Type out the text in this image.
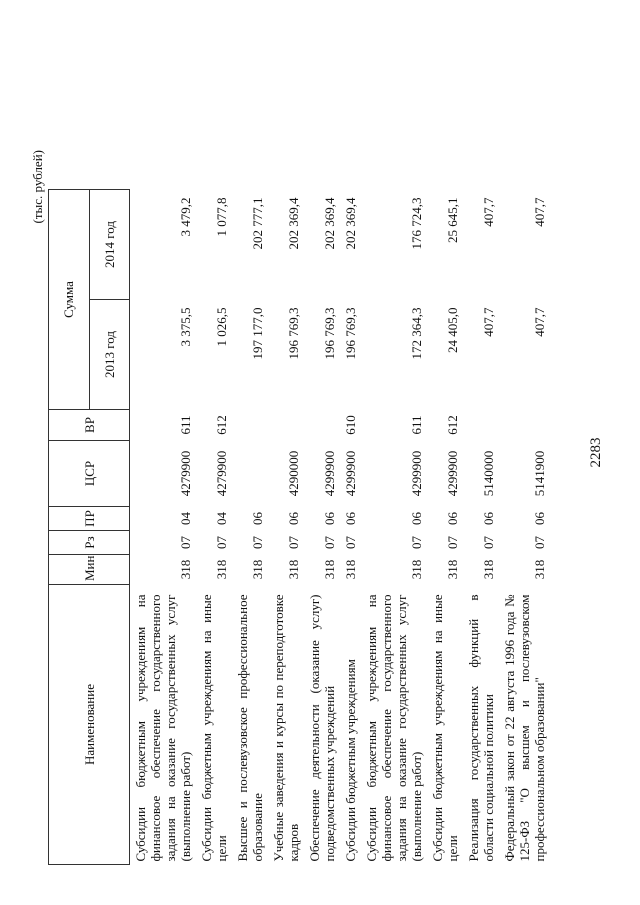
2283
(тыс. рублей)
Наименование	Мин	Рз	ПР	ЦСР	ВР	Сумма	
						2013 год	2014 год
Субсидии бюджетным учреждениям на финансовое обеспечение государственного задания на оказание государственных услуг (выполнение работ)	318	07	04	4279900	611	3 375,5	3 479,2
Субсидии бюджетным учреждениям на иные цели	318	07	04	4279900	612	1 026,5	1 077,8
Высшее и послевузовское профессиональное образование	318	07	06			197 177,0	202 777,1
Учебные заведения и курсы по переподготовке кадров	318	07	06	4290000		196 769,3	202 369,4
Обеспечение деятельности (оказание услуг) подведомственных учреждений	318	07	06	4299900		196 769,3	202 369,4
Субсидии бюджетным учреждениям	318	07	06	4299900	610	196 769,3	202 369,4
Субсидии бюджетным учреждениям на финансовое обеспечение государственного задания на оказание государственных услуг (выполнение работ)	318	07	06	4299900	611	172 364,3	176 724,3
Субсидии бюджетным учреждениям на иные цели	318	07	06	4299900	612	24 405,0	25 645,1
Реализация государственных функций в области социальной политики	318	07	06	5140000		407,7	407,7
Федеральный закон от 22 августа 1996 года № 125-ФЗ "О высшем и послевузовском профессиональном образовании"	318	07	06	5141900		407,7	407,7
